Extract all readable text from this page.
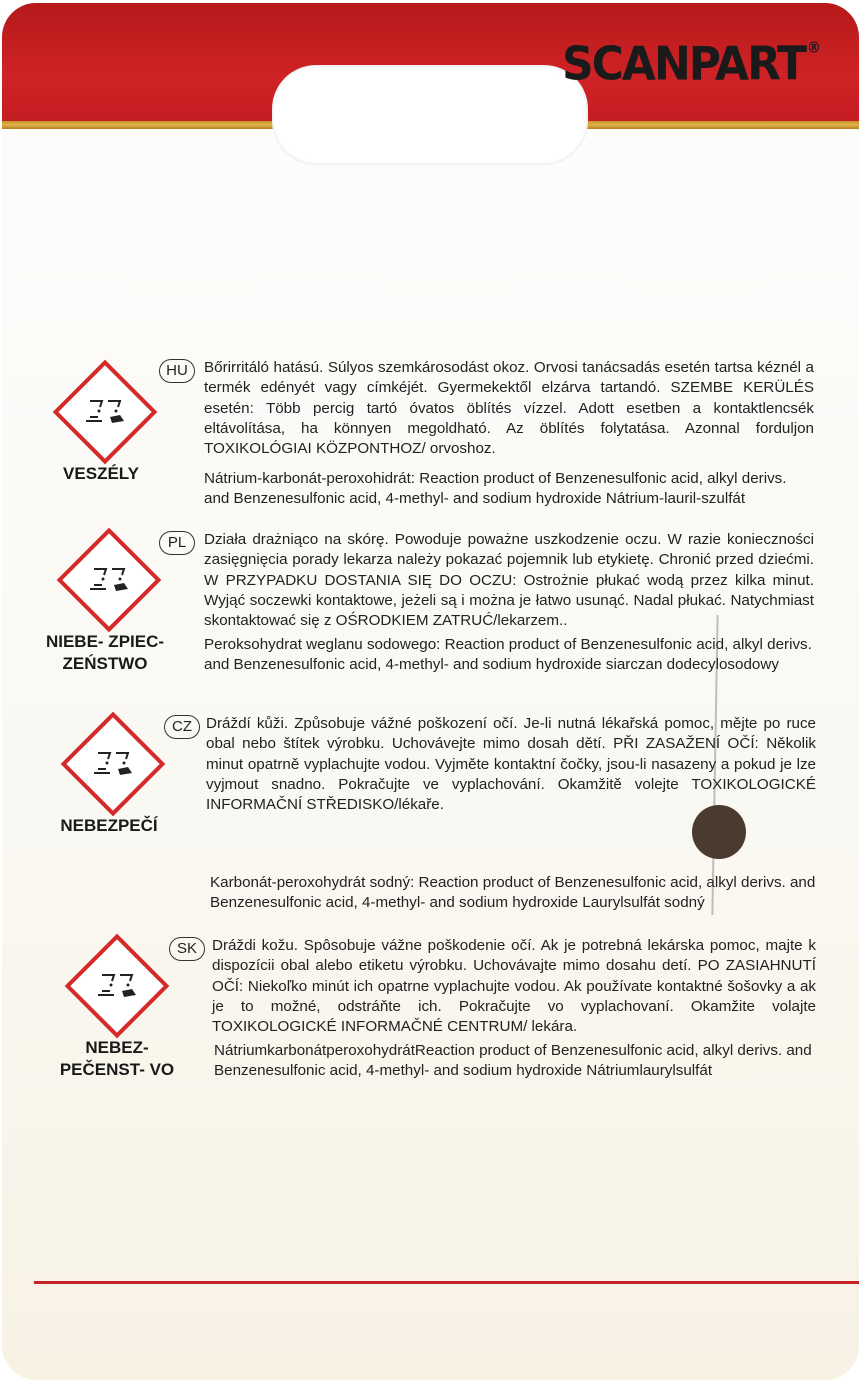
SCANPART ®
VESZÉLY
HU	Bőrirritáló hatású. Súlyos szemkárosodást okoz. Orvosi tanácsadás esetén tartsa kéznél a termék edényét vagy címkéjét. Gyermekektől elzárva tartandó. SZEMBE KERÜLÉS esetén: Több percig tartó óvatos öblítés vízzel. Adott esetben a kontaktlencsék eltávolítása, ha könnyen megoldható. Az öblítés folytatása. Azonnal forduljon TOXIKOLÓGIAI KÖZPONTHOZ/ orvoshoz.
Nátrium-karbonát-peroxohidrát: Reaction product of Benzenesulfonic acid, alkyl derivs. and Benzenesulfonic acid, 4-methyl- and sodium hydroxide Nátrium-lauril-szulfát
NIEBE- ZPIEC- ZEŃSTWO
PL	Działa drażniąco na skórę. Powoduje poważne uszkodzenie oczu. W razie konieczności zasięgnięcia porady lekarza należy pokazać pojemnik lub etykietę. Chronić przed dziećmi. W PRZYPADKU DOSTANIA SIĘ DO OCZU: Ostrożnie płukać wodą przez kilka minut. Wyjąć soczewki kontaktowe, jeżeli są i można je łatwo usunąć. Nadal płukać. Natychmiast skontaktować się z OŚRODKIEM ZATRUĆ/lekarzem..
Peroksohydrat weglanu sodowego: Reaction product of Benzenesulfonic acid, alkyl derivs. and Benzenesulfonic acid, 4-methyl- and sodium hydroxide siarczan dodecylosodowy
NEBEZPEČÍ
CZ Dráždí kůži. Způsobuje vážné poškození očí. Je-li nutná lékařská pomoc, mějte po ruce obal nebo štítek výrobku. Uchovávejte mimo dosah dětí. PŘI ZASAŽENÍ OČÍ: Několik minut opatrně vyplachujte vodou. Vyjměte kontaktní čočky, jsou-li nasazeny a pokud je lze vyjmout snadno. Pokračujte ve vyplachování. Okamžitě volejte TOXIKOLOGICKÉ INFORMAČNÍ STŘEDISKO/lékaře.
Karbonát-peroxohydrát sodný: Reaction product of Benzenesulfonic acid, alkyl derivs. and Benzenesulfonic acid, 4-methyl- and sodium hydroxide Laurylsulfát sodný
NEBEZ- PEČENST- VO
SK Dráždi kožu. Spôsobuje vážne poškodenie očí. Ak je potrebná lekárska pomoc, majte k dispozícii obal alebo etiketu výrobku. Uchovávajte mimo dosahu detí. PO ZASIAHNUTÍ OČÍ: Niekoľko minút ich opatrne vyplachujte vodou. Ak používate kontaktné šošovky a ak je to možné, odstráňte ich. Pokračujte vo vyplachovaní. Okamžite volajte TOXIKOLOGICKÉ INFORMAČNÉ CENTRUM/ lekára.
NátriumkarbonátperoxohydrátReaction product of Benzenesulfonic acid, alkyl derivs. and Benzenesulfonic acid, 4-methyl- and sodium hydroxide Nátriumlaurylsulfát
